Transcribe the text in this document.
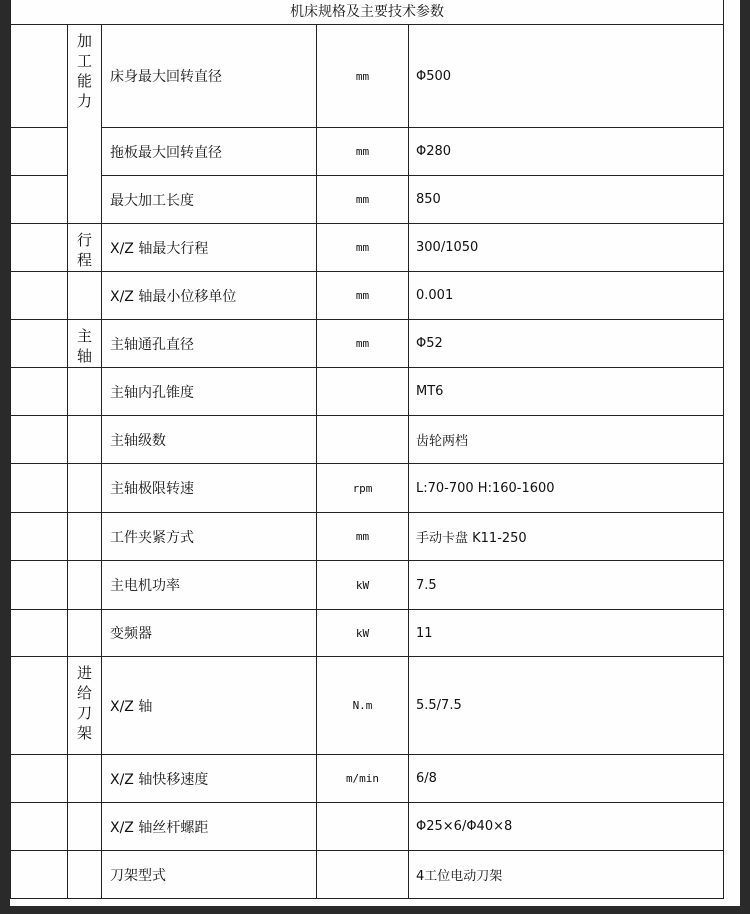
机床规格及主要技术参数

	加工能力	床身最大回转直径	mm	Φ500
		拖板最大回转直径	mm	Φ280
		最大加工长度	mm	850

	行程	X/Z 轴最大行程	mm	300/1050
		X/Z 轴最小位移单位	mm	0.001

	主轴	主轴通孔直径	mm	Φ52
		主轴内孔锥度		MT6
		主轴级数		齿轮两档
		主轴极限转速	rpm	L:70-700 H:160-1600
		工件夹紧方式	mm	手动卡盘 K11-250
		主电机功率	kW	7.5
		变频器	kW	11

	进给刀架	X/Z 轴	N.m	5.5/7.5
		X/Z 轴快移速度	m/min	6/8
		X/Z 轴丝杆螺距		Φ25×6/Φ40×8
		刀架型式		4工位电动刀架
